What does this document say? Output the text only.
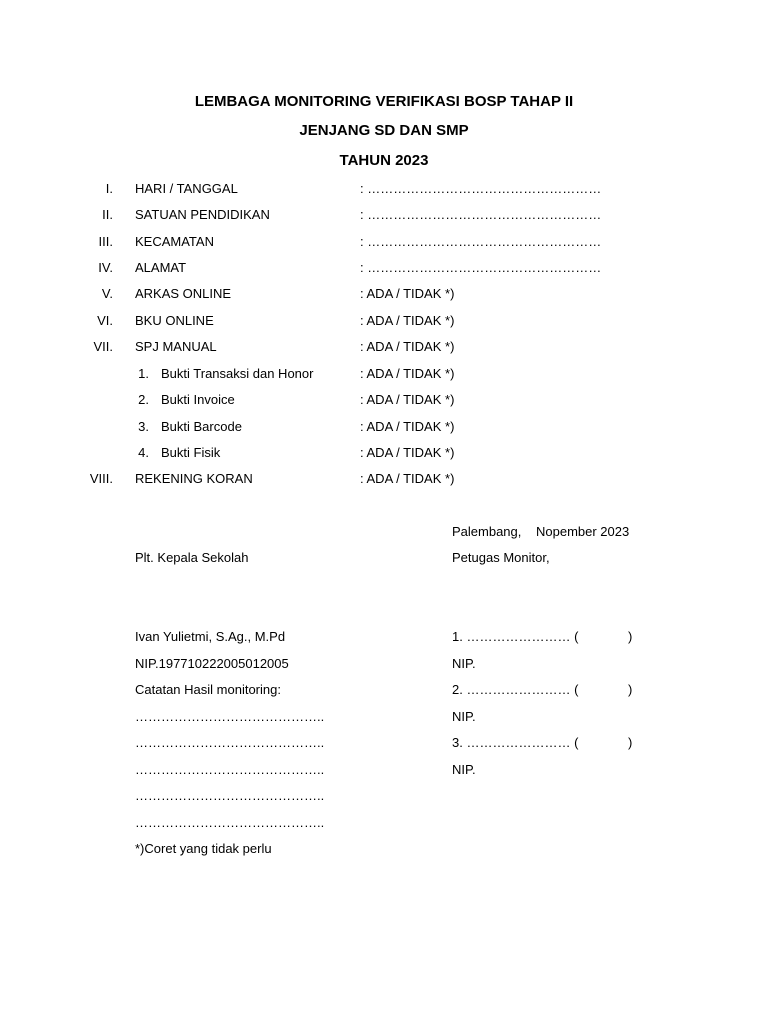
LEMBAGA MONITORING VERIFIKASI BOSP TAHAP II
JENJANG SD DAN SMP
TAHUN 2023
I. HARI / TANGGAL	: ………………………………………………
II. SATUAN PENDIDIKAN	: ………………………………………………
III. KECAMATAN	: ………………………………………………
IV. ALAMAT	: ………………………………………………
V. ARKAS ONLINE	: ADA / TIDAK *)
VI. BKU ONLINE	: ADA / TIDAK *)
VII. SPJ MANUAL	: ADA / TIDAK *)
1. Bukti Transaksi dan Honor	: ADA / TIDAK *)
2. Bukti Invoice	: ADA / TIDAK *)
3. Bukti Barcode	: ADA / TIDAK *)
4. Bukti Fisik	: ADA / TIDAK *)
VIII. REKENING KORAN	: ADA / TIDAK *)
Palembang, Nopember 2023
Plt. Kepala Sekolah	Petugas Monitor,
Ivan Yulietmi, S.Ag., M.Pd
NIP.197710222005012005
Catatan Hasil monitoring:
……………………………………..
……………………………………..
……………………………………..
……………………………………..
……………………………………..
*)Coret yang tidak perlu
1. …………………… (	)
NIP.
2. …………………… (	)
NIP.
3. …………………… (	)
NIP.
